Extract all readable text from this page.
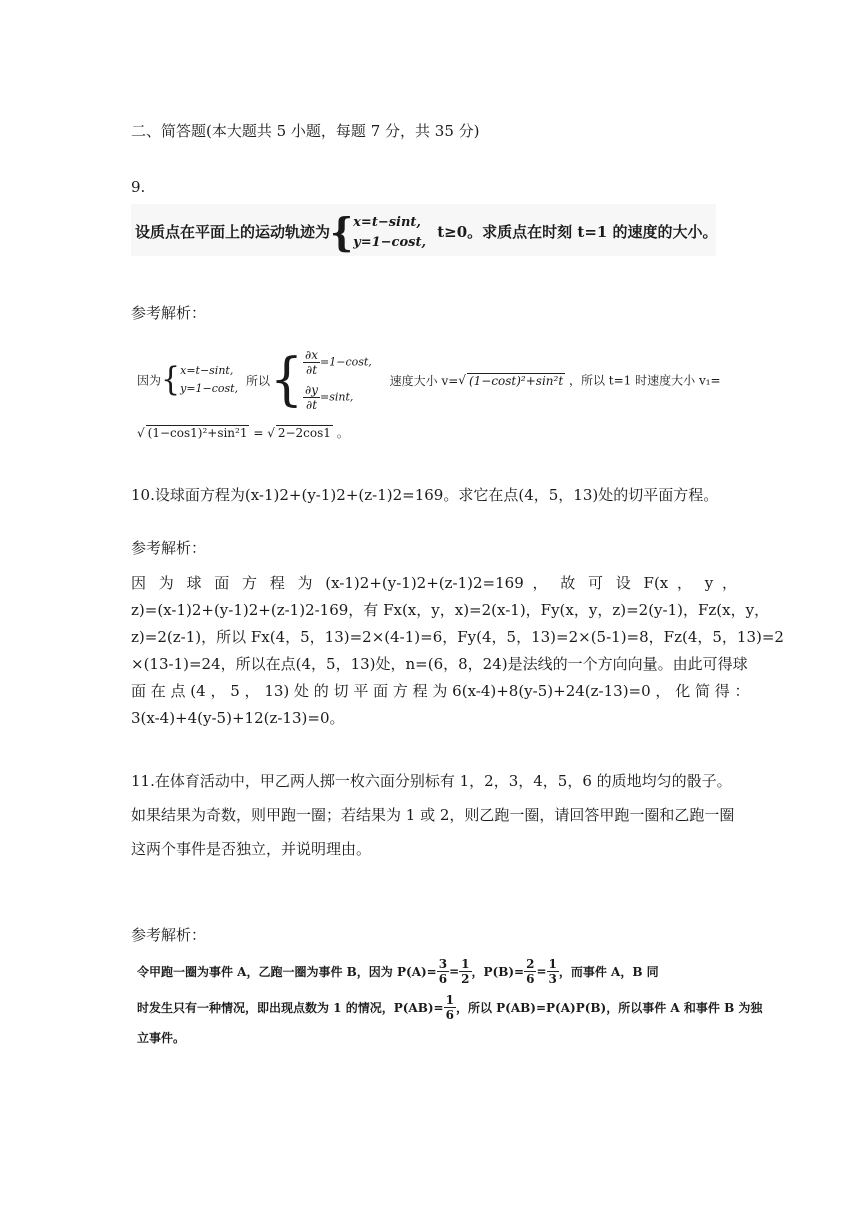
二、简答题(本大题共 5 小题，每题 7 分，共 35 分)
9.
设质点在平面上的运动轨迹为{ x=t−sint,
y=1−cost,
t≥0。求质点在时刻 t=1 的速度的大小。
参考解析：
因为{ x=t−sint,
y=1−cost,
所以{ $\frac{\partial x}{\partial t} =1-\cos t$,
$\frac{\partial y}{\partial t} =\sin t$,
速度大小 v=√ (1−cost)²+sin²t ，所以 t=1 时速度大小 v₁=
√ (1−cos1)²+sin²1 = √ 2−2cos1 。
10.设球面方程为(x-1)2+(y-1)2+(z-1)2=169。求它在点(4，5，13)处的切平面方程。
参考解析：
因 为 球 面 方 程 为 (x-1)2+(y-1)2+(z-1)2=169 ， 故 可 设 F(x ， y ，
z)=(x-1)2+(y-1)2+(z-1)2-169，有 Fx(x，y，x)=2(x-1)，Fy(x，y，z)=2(y-1)，Fz(x，y，
z)=2(z-1)，所以 Fx(4，5，13)=2×(4-1)=6，Fy(4，5，13)=2×(5-1)=8，Fz(4，5，13)=2
×(13-1)=24，所以在点(4，5，13)处，n=(6，8，24)是法线的一个方向向量。由此可得球
面 在 点 (4 ， 5 ， 13) 处 的 切 平 面 方 程 为 6(x-4)+8(y-5)+24(z-13)=0 ， 化 简 得 ：
3(x-4)+4(y-5)+12(z-13)=0。
11.在体育活动中，甲乙两人掷一枚六面分别标有 1，2，3，4，5，6 的质地均匀的骰子。
如果结果为奇数，则甲跑一圈；若结果为 1 或 2，则乙跑一圈，请回答甲跑一圈和乙跑一圈
这两个事件是否独立，并说明理由。
参考解析：
令甲跑一圈为事件 A，乙跑一圈为事件 B，因为 $P(A)= \frac{3}{6} = \frac{1}{2}$ ，$P(B)= \frac{2}{6} = \frac{1}{3}$ ，而事件 A，B 同
时发生只有一种情况，即出现点数为 1 的情况，$P(AB)= \frac{1}{6}$ ，所以 P(AB)=P(A)P(B)，所以事件 A 和事件 B 为独
立事件。
